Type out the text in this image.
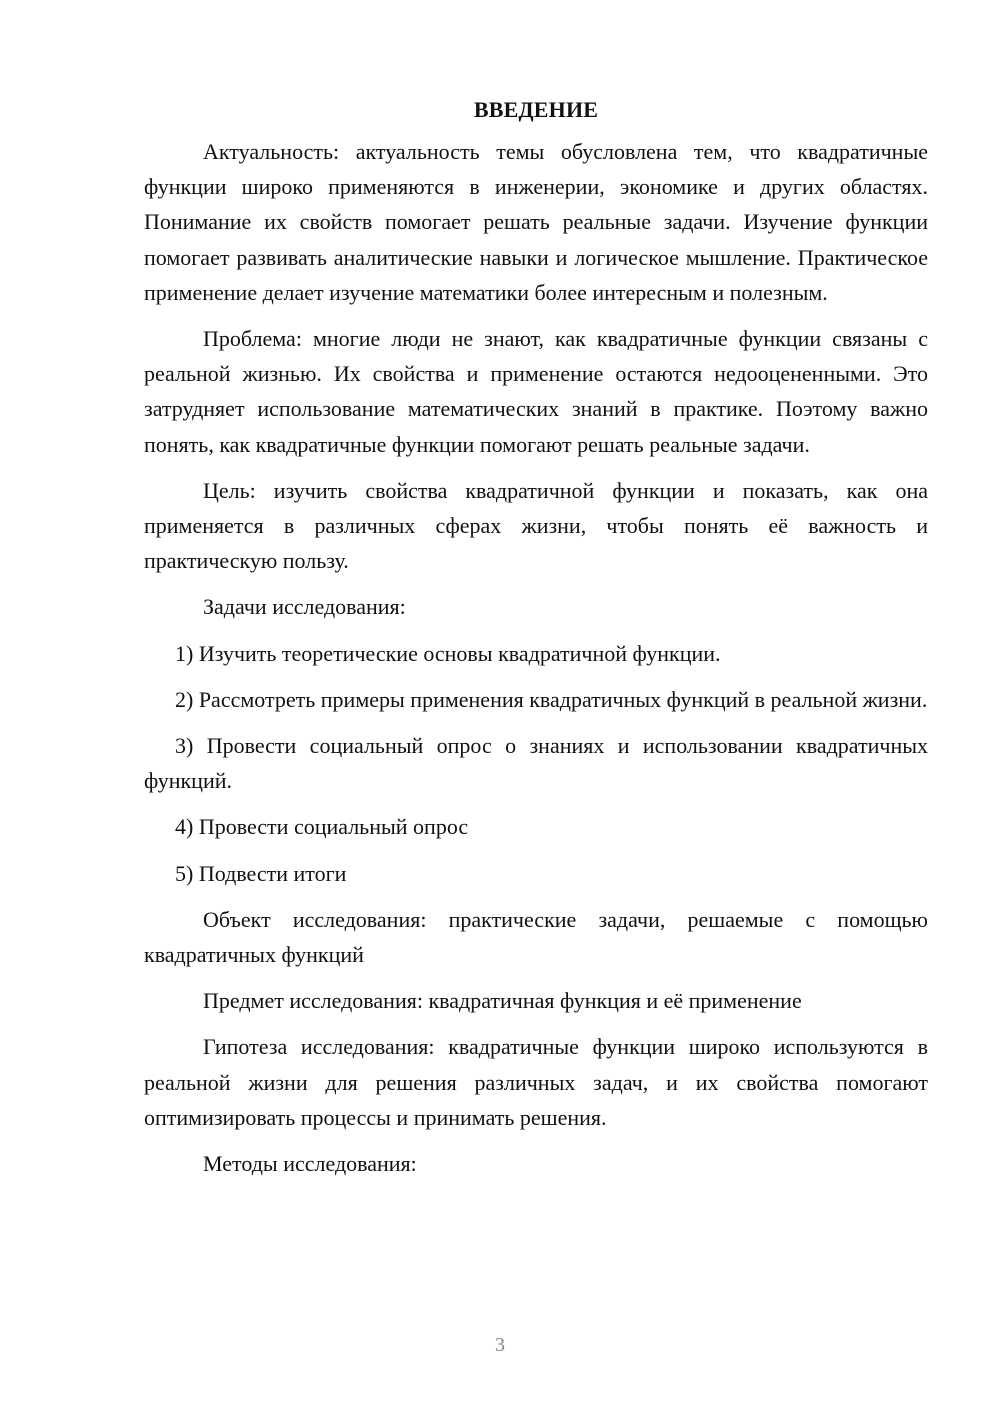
ВВЕДЕНИЕ

Актуальность: актуальность темы обусловлена тем, что квадратичные функции широко применяются в инженерии, экономике и других областях. Понимание их свойств помогает решать реальные задачи. Изучение функции помогает развивать аналитические навыки и логическое мышление. Практическое применение делает изучение математики более интересным и полезным.

Проблема: многие люди не знают, как квадратичные функции связаны с реальной жизнью. Их свойства и применение остаются недооцененными. Это затрудняет использование математических знаний в практике. Поэтому важно понять, как квадратичные функции помогают решать реальные задачи.

Цель: изучить свойства квадратичной функции и показать, как она применяется в различных сферах жизни, чтобы понять её важность и практическую пользу.

Задачи исследования:

1) Изучить теоретические основы квадратичной функции.

2) Рассмотреть примеры применения квадратичных функций в реальной жизни.

3) Провести социальный опрос о знаниях и использовании квадратичных функций.

4) Провести социальный опрос

5) Подвести итоги

Объект исследования: практические задачи, решаемые с помощью квадратичных функций

Предмет исследования: квадратичная функция и её применение

Гипотеза исследования: квадратичные функции широко используются в реальной жизни для решения различных задач, и их свойства помогают оптимизировать процессы и принимать решения.

Методы исследования:

3
